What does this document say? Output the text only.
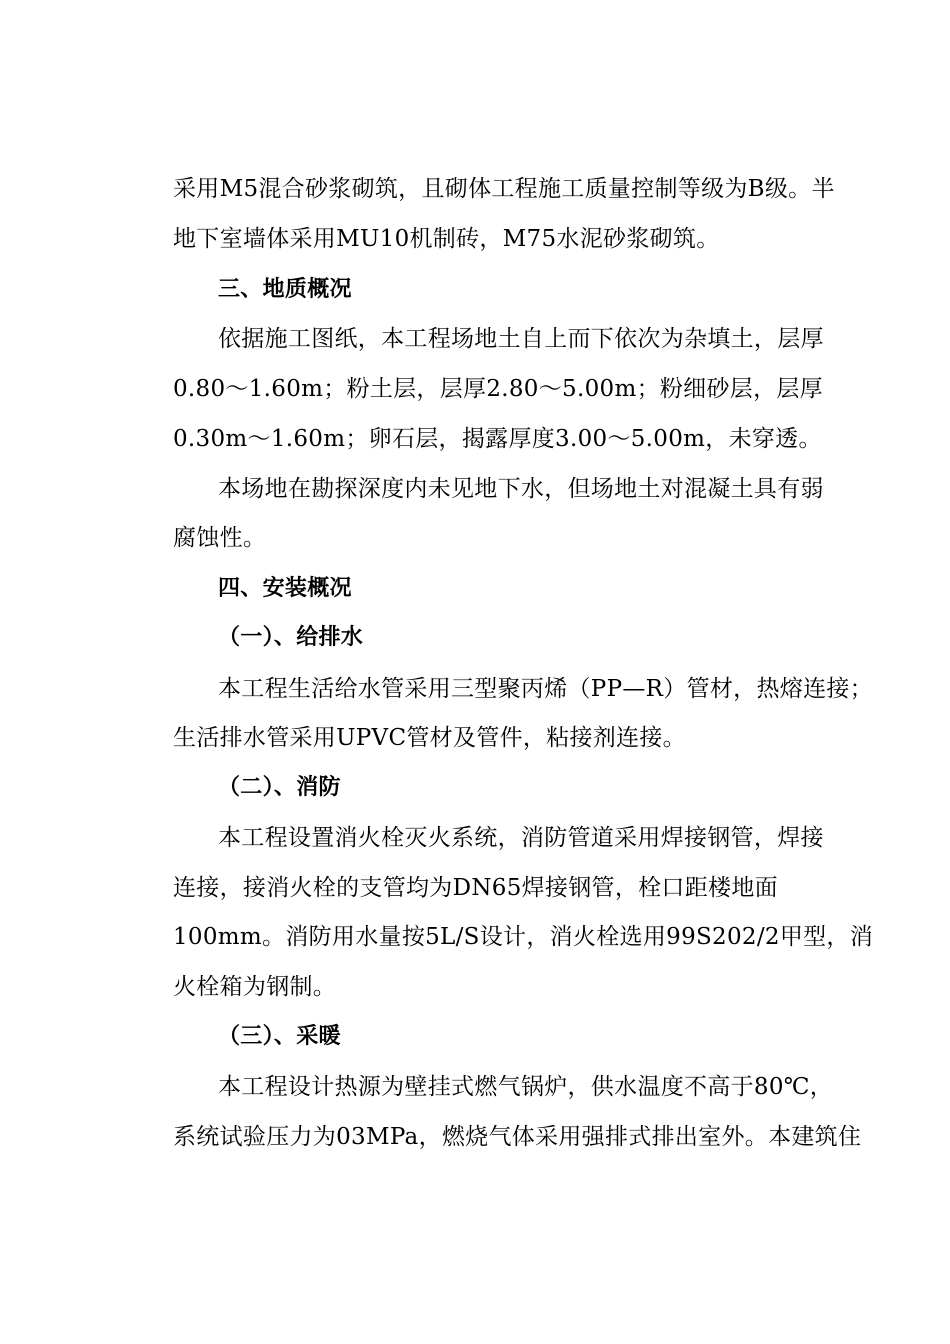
采用M5混合砂浆砌筑，且砌体工程施工质量控制等级为B级。半
地下室墙体采用MU10机制砖，M75水泥砂浆砌筑。
三、地质概况
依据施工图纸，本工程场地土自上而下依次为杂填土，层厚
0.80～1.60m；粉土层，层厚2.80～5.00m；粉细砂层，层厚
0.30m～1.60m；卵石层，揭露厚度3.00～5.00m，未穿透。
本场地在勘探深度内未见地下水，但场地土对混凝土具有弱
腐蚀性。
四、安装概况
（一）、给排水
本工程生活给水管采用三型聚丙烯（PP—R）管材，热熔连接；
生活排水管采用UPVC管材及管件，粘接剂连接。
（二）、消防
本工程设置消火栓灭火系统，消防管道采用焊接钢管，焊接
连接，接消火栓的支管均为DN65焊接钢管，栓口距楼地面
100mm。消防用水量按5L/S设计，消火栓选用99S202/2甲型，消
火栓箱为钢制。
（三）、采暖
本工程设计热源为壁挂式燃气锅炉，供水温度不高于80℃，
系统试验压力为03MPa，燃烧气体采用强排式排出室外。本建筑住
